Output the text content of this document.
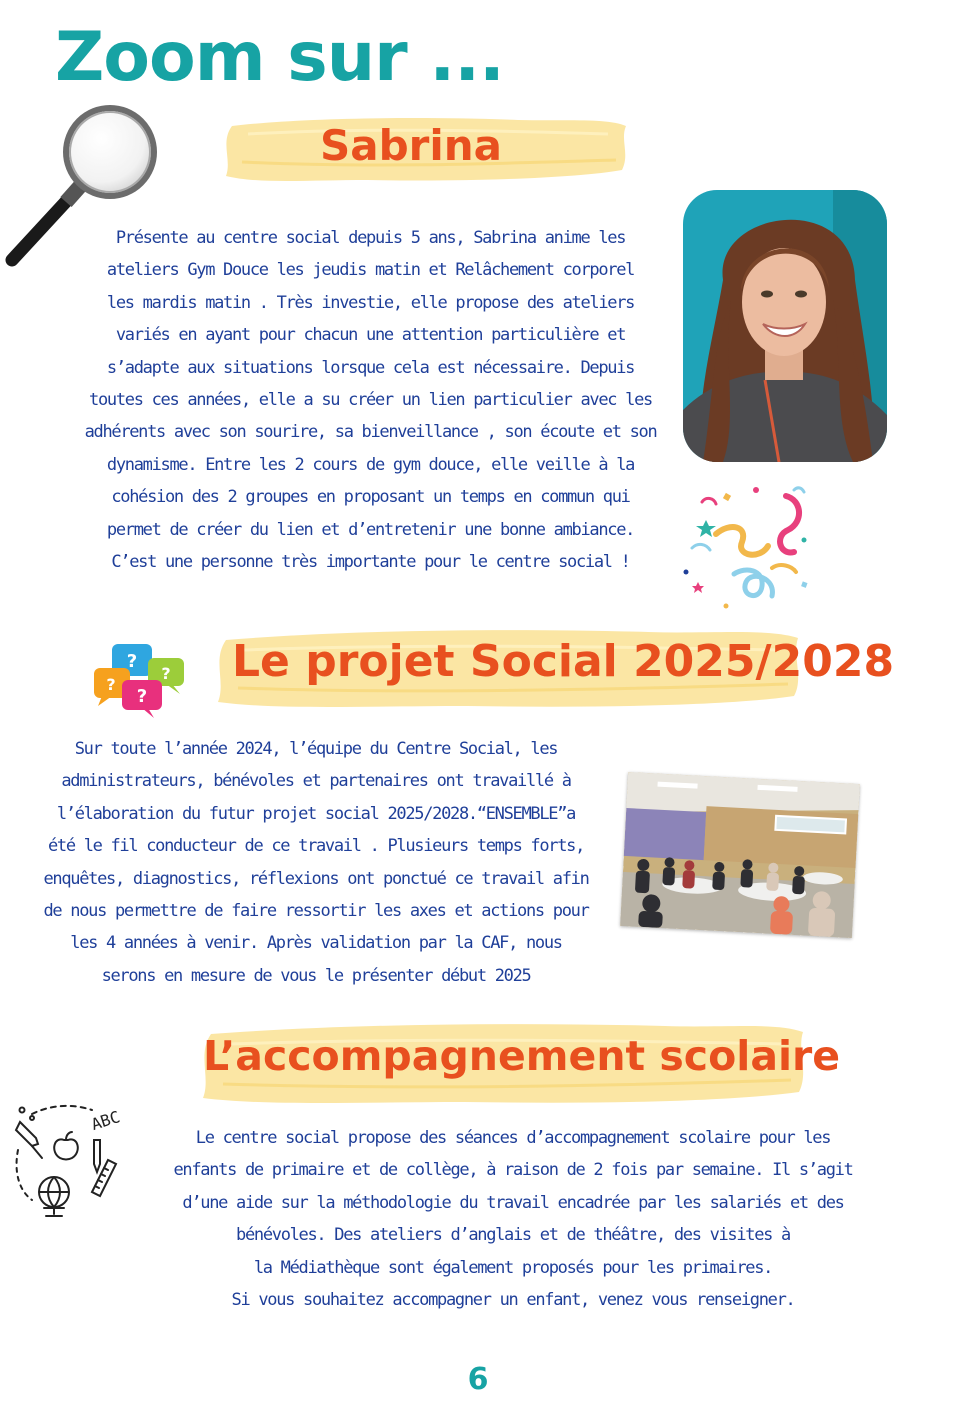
Zoom sur ...
Sabrina
Présente au centre social depuis 5 ans, Sabrina anime les
ateliers Gym Douce les jeudis matin et Relâchement corporel
les mardis matin . Très investie, elle propose des ateliers
variés en ayant pour chacun une attention particulière et
s’adapte aux situations lorsque cela est nécessaire. Depuis
toutes ces années, elle a su créer un lien particulier avec les
adhérents avec son sourire, sa bienveillance , son écoute et son
dynamisme. Entre les 2 cours de gym douce, elle veille à la
cohésion des 2 groupes en proposant un temps en commun qui
permet de créer du lien et d’entretenir une bonne ambiance.
C’est une personne très importante pour le centre social !
?
?
?
?
Le projet Social 2025/2028
Sur toute l’année 2024, l’équipe du Centre Social, les
administrateurs, bénévoles et partenaires ont travaillé à
l’élaboration du futur projet social 2025/2028.“ENSEMBLE”a
été le fil conducteur de ce travail . Plusieurs temps forts,
enquêtes, diagnostics, réflexions ont ponctué ce travail afin
de nous permettre de faire ressortir les axes et actions pour
les 4 années à venir. Après validation par la CAF, nous
serons en mesure de vous le présenter début 2025
L’accompagnement scolaire
ABC
Le centre social propose des séances d’accompagnement scolaire pour les
enfants de primaire et de collège, à raison de 2 fois par semaine. Il s’agit
d’une aide sur la méthodologie du travail encadrée par les salariés et des
bénévoles. Des ateliers d’anglais et de théâtre, des visites à
la Médiathèque sont également proposés pour les primaires.
Si vous souhaitez accompagner un enfant, venez vous renseigner.
6
